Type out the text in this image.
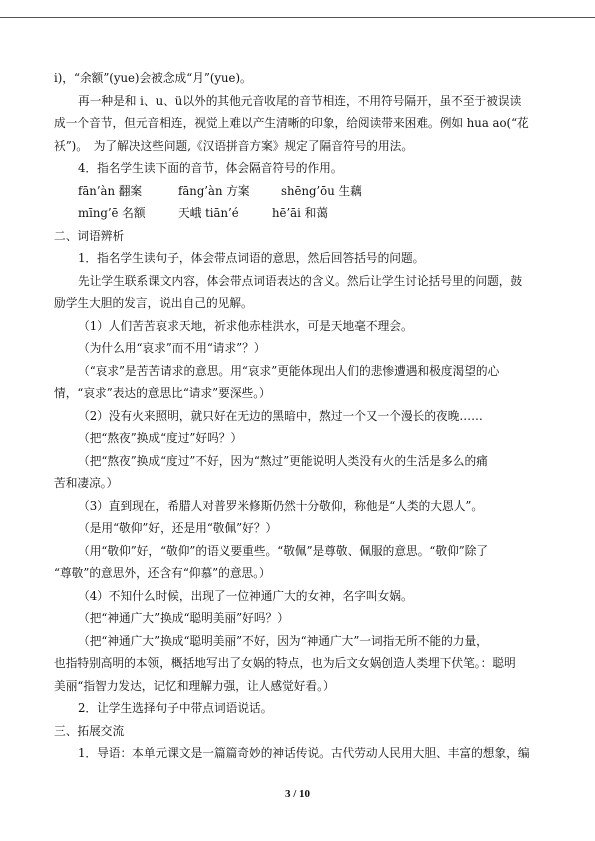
i)，“余额”(yue)会被念成“月”(yue)。
再一种是和 i、u、ü以外的其他元音收尾的音节相连，不用符号隔开，虽不至于被误读
成一个音节，但元音相连，视觉上难以产生清晰的印象，给阅读带来困难。例如 hua ao(“花
袄”)。　为了解决这些问题,《汉语拼音方案》规定了隔音符号的用法。
4．指名学生读下面的音节，体会隔音符号的作用。
fān’àn 翻案	fāng’àn 方案	shēng’ōu 生藕
mīng’ē 名额	天峨 tiān’é	hē’āi 和蔼
二、词语辨析
1．指名学生读句子，体会带点词语的意思，然后回答括号的问题。
先让学生联系课文内容，体会带点词语表达的含义。然后让学生讨论括号里的问题，鼓
励学生大胆的发言，说出自己的见解。
（1）人们苦苦哀求天地，祈求他赤桂洪水，可是天地毫不理会。
（为什么用“哀求”而不用“请求”？）
（“哀求”是苦苦请求的意思。用“哀求”更能体现出人们的悲惨遭遇和极度渴望的心
情，“哀求”表达的意思比“请求”要深些。）
（2）没有火来照明，就只好在无边的黑暗中，熬过一个又一个漫长的夜晚……
（把“熬夜”换成“度过”好吗？）
（把“熬夜”换成“度过”不好，因为“熬过”更能说明人类没有火的生活是多么的痛
苦和凄凉。）
（3）直到现在，希腊人对普罗米修斯仍然十分敬仰，称他是“人类的大恩人”。
（是用“敬仰”好，还是用“敬佩”好？）
（用“敬仰”好，“敬仰”的语义要重些。“敬佩”是尊敬、佩服的意思。“敬仰”除了
“尊敬”的意思外，还含有“仰慕”的意思。）
（4）不知什么时候，出现了一位神通广大的女神，名字叫女娲。
（把“神通广大”换成“聪明美丽”好吗？）
（把“神通广大”换成“聪明美丽”不好，因为“神通广大”一词指无所不能的力量，
也指特别高明的本领，概括地写出了女娲的特点，也为后文女娲创造人类埋下伏笔。：聪明
美丽“指智力发达，记忆和理解力强，让人感觉好看。）
2．让学生选择句子中带点词语说话。
三、拓展交流
1．导语：本单元课文是一篇篇奇妙的神话传说。古代劳动人民用大胆、丰富的想象，编
3 / 10
